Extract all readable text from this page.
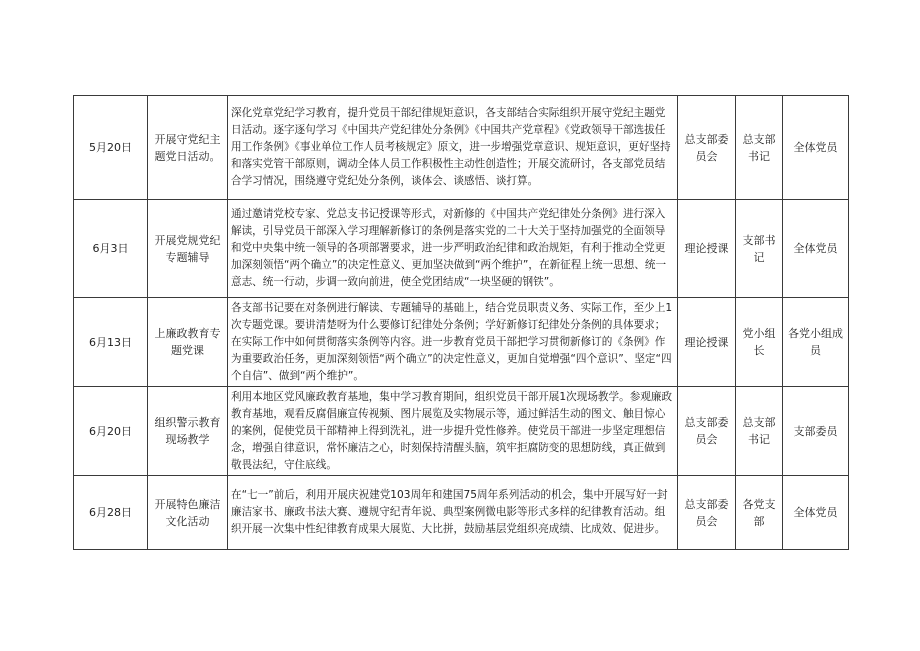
5月20日	开展守党纪主题党日活动。	深化党章党纪学习教育，提升党员干部纪律规矩意识，各支部结合实际组织开展守党纪主题党日活动。逐字逐句学习《中国共产党纪律处分条例》《中国共产党章程》《党政领导干部选拔任用工作条例》《事业单位工作人员考核规定》原文，进一步增强党章意识、规矩意识，更好坚持和落实党管干部原则，调动全体人员工作积极性主动性创造性；开展交流研讨，各支部党员结合学习情况，围绕遵守党纪处分条例，谈体会、谈感悟、谈打算。	总支部委员会	总支部书记	全体党员
6月3日	开展党规党纪专题辅导	通过邀请党校专家、党总支书记授课等形式，对新修的《中国共产党纪律处分条例》进行深入解读，引导党员干部深入学习理解新修订的条例是落实党的二十大关于坚持加强党的全面领导和党中央集中统一领导的各项部署要求，进一步严明政治纪律和政治规矩，有利于推动全党更加深刻领悟“两个确立”的决定性意义、更加坚决做到“两个维护”，在新征程上统一思想、统一意志、统一行动，步调一致向前进，使全党团结成“一块坚硬的钢铁”。	理论授课	支部书记	全体党员
6月13日	上廉政教育专题党课	各支部书记要在对条例进行解读、专题辅导的基础上，结合党员职责义务、实际工作，至少上1次专题党课。要讲清楚呀为什么要修订纪律处分条例；学好新修订纪律处分条例的具体要求；在实际工作中如何贯彻落实条例等内容。进一步教育党员干部把学习贯彻新修订的《条例》作为重要政治任务，更加深刻领悟“两个确立”的决定性意义，更加自觉增强“四个意识”、坚定“四个自信”、做到“两个维护”。	理论授课	党小组长	各党小组成员
6月20日	组织警示教育现场教学	利用本地区党风廉政教育基地，集中学习教育期间，组织党员干部开展1次现场教学。参观廉政教育基地，观看反腐倡廉宣传视频、图片展览及实物展示等，通过鲜活生动的图文、触目惊心的案例，促使党员干部精神上得到洗礼，进一步提升党性修养。使党员干部进一步坚定理想信念，增强自律意识，常怀廉洁之心，时刻保持清醒头脑，筑牢拒腐防变的思想防线，真正做到敬畏法纪，守住底线。	总支部委员会	总支部书记	支部委员
6月28日	开展特色廉洁文化活动	在“七一”前后，利用开展庆祝建党103周年和建国75周年系列活动的机会，集中开展写好一封廉洁家书、廉政书法大赛、遵规守纪青年说、典型案例微电影等形式多样的纪律教育活动。组织开展一次集中性纪律教育成果大展览、大比拼，鼓励基层党组织亮成绩、比成效、促进步。	总支部委员会	各党支部	全体党员
